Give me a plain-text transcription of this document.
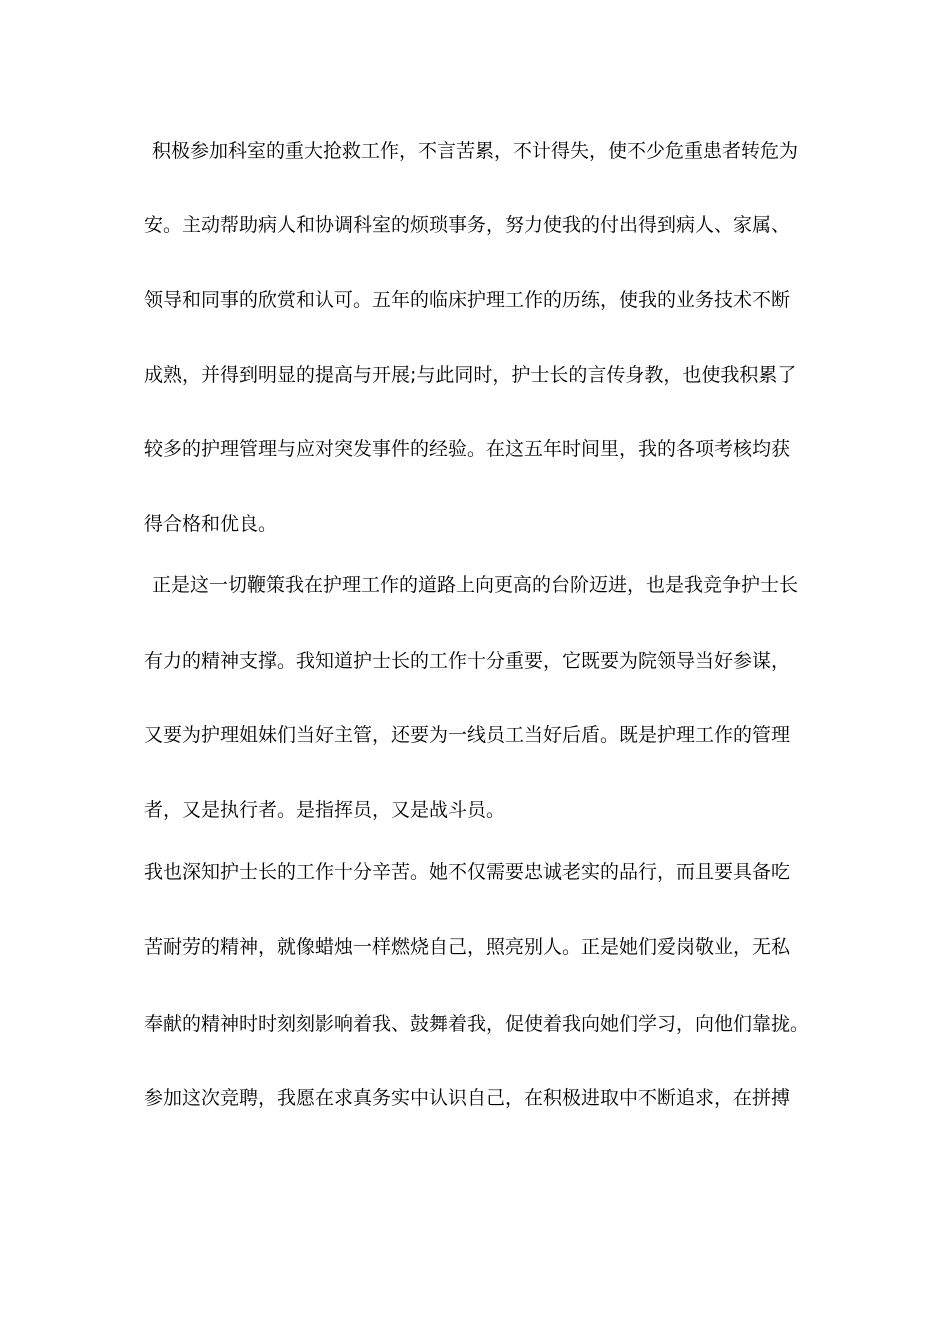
积极参加科室的重大抢救工作，不言苦累，不计得失，使不少危重患者转危为
安。主动帮助病人和协调科室的烦琐事务，努力使我的付出得到病人、家属、
领导和同事的欣赏和认可。五年的临床护理工作的历练，使我的业务技术不断
成熟，并得到明显的提高与开展;与此同时，护士长的言传身教，也使我积累了
较多的护理管理与应对突发事件的经验。在这五年时间里，我的各项考核均获
得合格和优良。
正是这一切鞭策我在护理工作的道路上向更高的台阶迈进，也是我竞争护士长
有力的精神支撑。我知道护士长的工作十分重要，它既要为院领导当好参谋，
又要为护理姐妹们当好主管，还要为一线员工当好后盾。既是护理工作的管理
者，又是执行者。是指挥员，又是战斗员。
我也深知护士长的工作十分辛苦。她不仅需要忠诚老实的品行，而且要具备吃
苦耐劳的精神，就像蜡烛一样燃烧自己，照亮别人。正是她们爱岗敬业，无私
奉献的精神时时刻刻影响着我、鼓舞着我，促使着我向她们学习，向他们靠拢。
参加这次竞聘，我愿在求真务实中认识自己，在积极进取中不断追求，在拼搏
